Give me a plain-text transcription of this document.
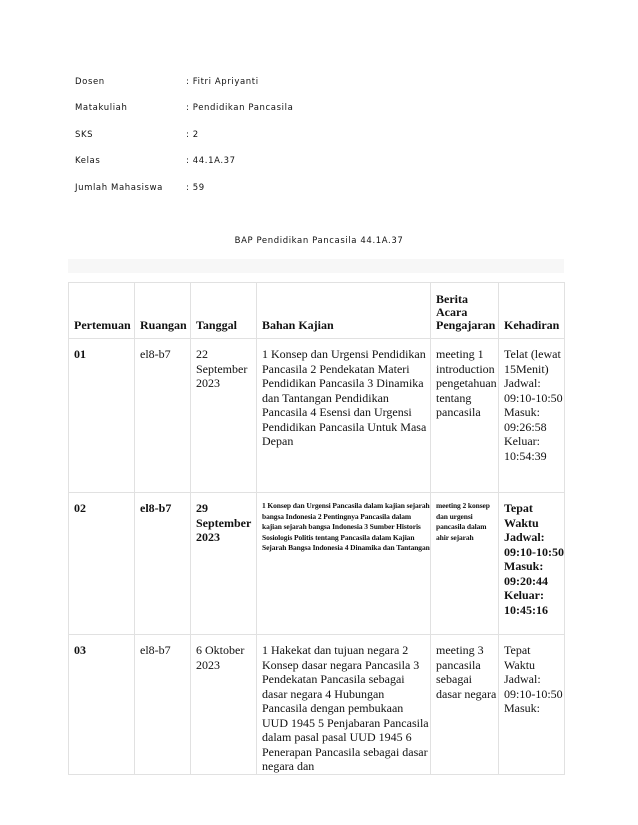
Dosen	: Fitri Apriyanti
Matakuliah	: Pendidikan Pancasila
SKS	: 2
Kelas	: 44.1A.37
Jumlah Mahasiswa	: 59
BAP Pendidikan Pancasila 44.1A.37
Pertemuan	Ruangan	Tanggal	Bahan Kajian	Berita Acara Pengajaran	Kehadiran
01	el8-b7	22 September 2023	1 Konsep dan Urgensi Pendidikan Pancasila 2 Pendekatan Materi Pendidikan Pancasila 3 Dinamika dan Tantangan Pendidikan Pancasila 4 Esensi dan Urgensi Pendidikan Pancasila Untuk Masa Depan	meeting 1 introduction pengetahuan tentang pancasila	Telat (lewat 15Menit) Jadwal: 09:10-10:50 Masuk: 09:26:58 Keluar: 10:54:39
02	el8-b7	29 September 2023	1 Konsep dan Urgensi Pancasila dalam kajian sejarah bangsa Indonesia 2 Pentingnya Pancasila dalam kajian sejarah bangsa Indonesia 3 Sumber Historis Sosiologis Politis tentang Pancasila dalam Kajian Sejarah Bangsa Indonesia 4 Dinamika dan Tantangan	meeting 2 konsep dan urgensi pancasila dalam ahir sejarah	Tepat Waktu Jadwal: 09:10-10:50 Masuk: 09:20:44 Keluar: 10:45:16
03	el8-b7	6 Oktober 2023	1 Hakekat dan tujuan negara 2 Konsep dasar negara Pancasila 3 Pendekatan Pancasila sebagai dasar negara 4 Hubungan Pancasila dengan pembukaan UUD 1945 5 Penjabaran Pancasila dalam pasal pasal UUD 1945 6 Penerapan Pancasila sebagai dasar negara dan	meeting 3 pancasila sebagai dasar negara	Tepat Waktu Jadwal: 09:10-10:50 Masuk:
